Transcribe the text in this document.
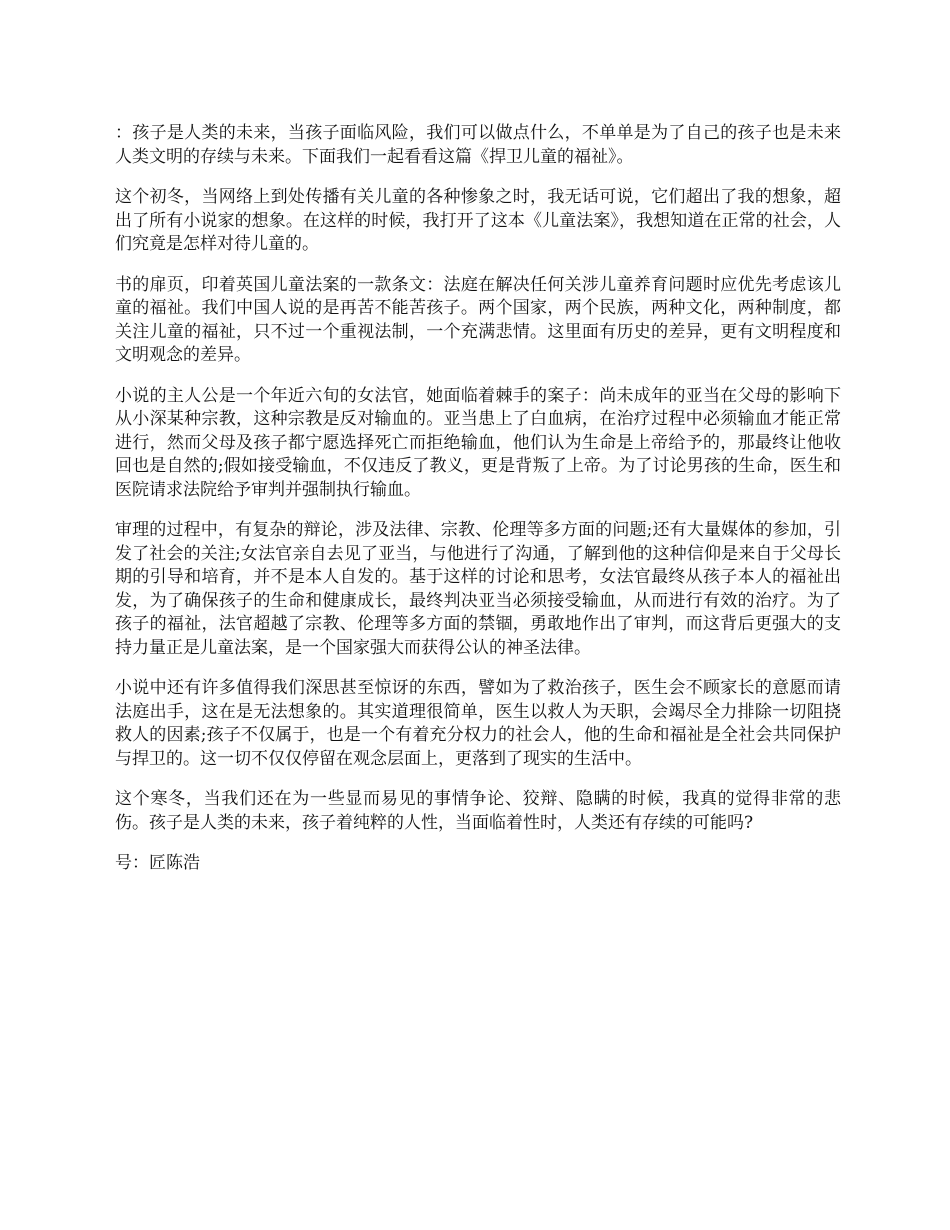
：孩子是人类的未来，当孩子面临风险，我们可以做点什么，不单单是为了自己的孩子也是未来人类文明的存续与未来。下面我们一起看看这篇《捍卫儿童的福祉》。

这个初冬，当网络上到处传播有关儿童的各种惨象之时，我无话可说，它们超出了我的想象，超出了所有小说家的想象。在这样的时候，我打开了这本《儿童法案》，我想知道在正常的社会，人们究竟是怎样对待儿童的。

书的扉页，印着英国儿童法案的一款条文：法庭在解决任何关涉儿童养育问题时应优先考虑该儿童的福祉。我们中国人说的是再苦不能苦孩子。两个国家，两个民族，两种文化，两种制度，都关注儿童的福祉，只不过一个重视法制，一个充满悲情。这里面有历史的差异，更有文明程度和文明观念的差异。

小说的主人公是一个年近六旬的女法官，她面临着棘手的案子：尚未成年的亚当在父母的影响下从小深某种宗教，这种宗教是反对输血的。亚当患上了白血病，在治疗过程中必须输血才能正常进行，然而父母及孩子都宁愿选择死亡而拒绝输血，他们认为生命是上帝给予的，那最终让他收回也是自然的;假如接受输血，不仅违反了教义，更是背叛了上帝。为了讨论男孩的生命，医生和医院请求法院给予审判并强制执行输血。

审理的过程中，有复杂的辩论，涉及法律、宗教、伦理等多方面的问题;还有大量媒体的参加，引发了社会的关注;女法官亲自去见了亚当，与他进行了沟通，了解到他的这种信仰是来自于父母长期的引导和培育，并不是本人自发的。基于这样的讨论和思考，女法官最终从孩子本人的福祉出发，为了确保孩子的生命和健康成长，最终判决亚当必须接受输血，从而进行有效的治疗。为了孩子的福祉，法官超越了宗教、伦理等多方面的禁锢，勇敢地作出了审判，而这背后更强大的支持力量正是儿童法案，是一个国家强大而获得公认的神圣法律。

小说中还有许多值得我们深思甚至惊讶的东西，譬如为了救治孩子，医生会不顾家长的意愿而请法庭出手，这在是无法想象的。其实道理很简单，医生以救人为天职，会竭尽全力排除一切阻挠救人的因素;孩子不仅属于，也是一个有着充分权力的社会人，他的生命和福祉是全社会共同保护与捍卫的。这一切不仅仅停留在观念层面上，更落到了现实的生活中。

这个寒冬，当我们还在为一些显而易见的事情争论、狡辩、隐瞒的时候，我真的觉得非常的悲伤。孩子是人类的未来，孩子着纯粹的人性，当面临着性时，人类还有存续的可能吗?

号：匠陈浩
